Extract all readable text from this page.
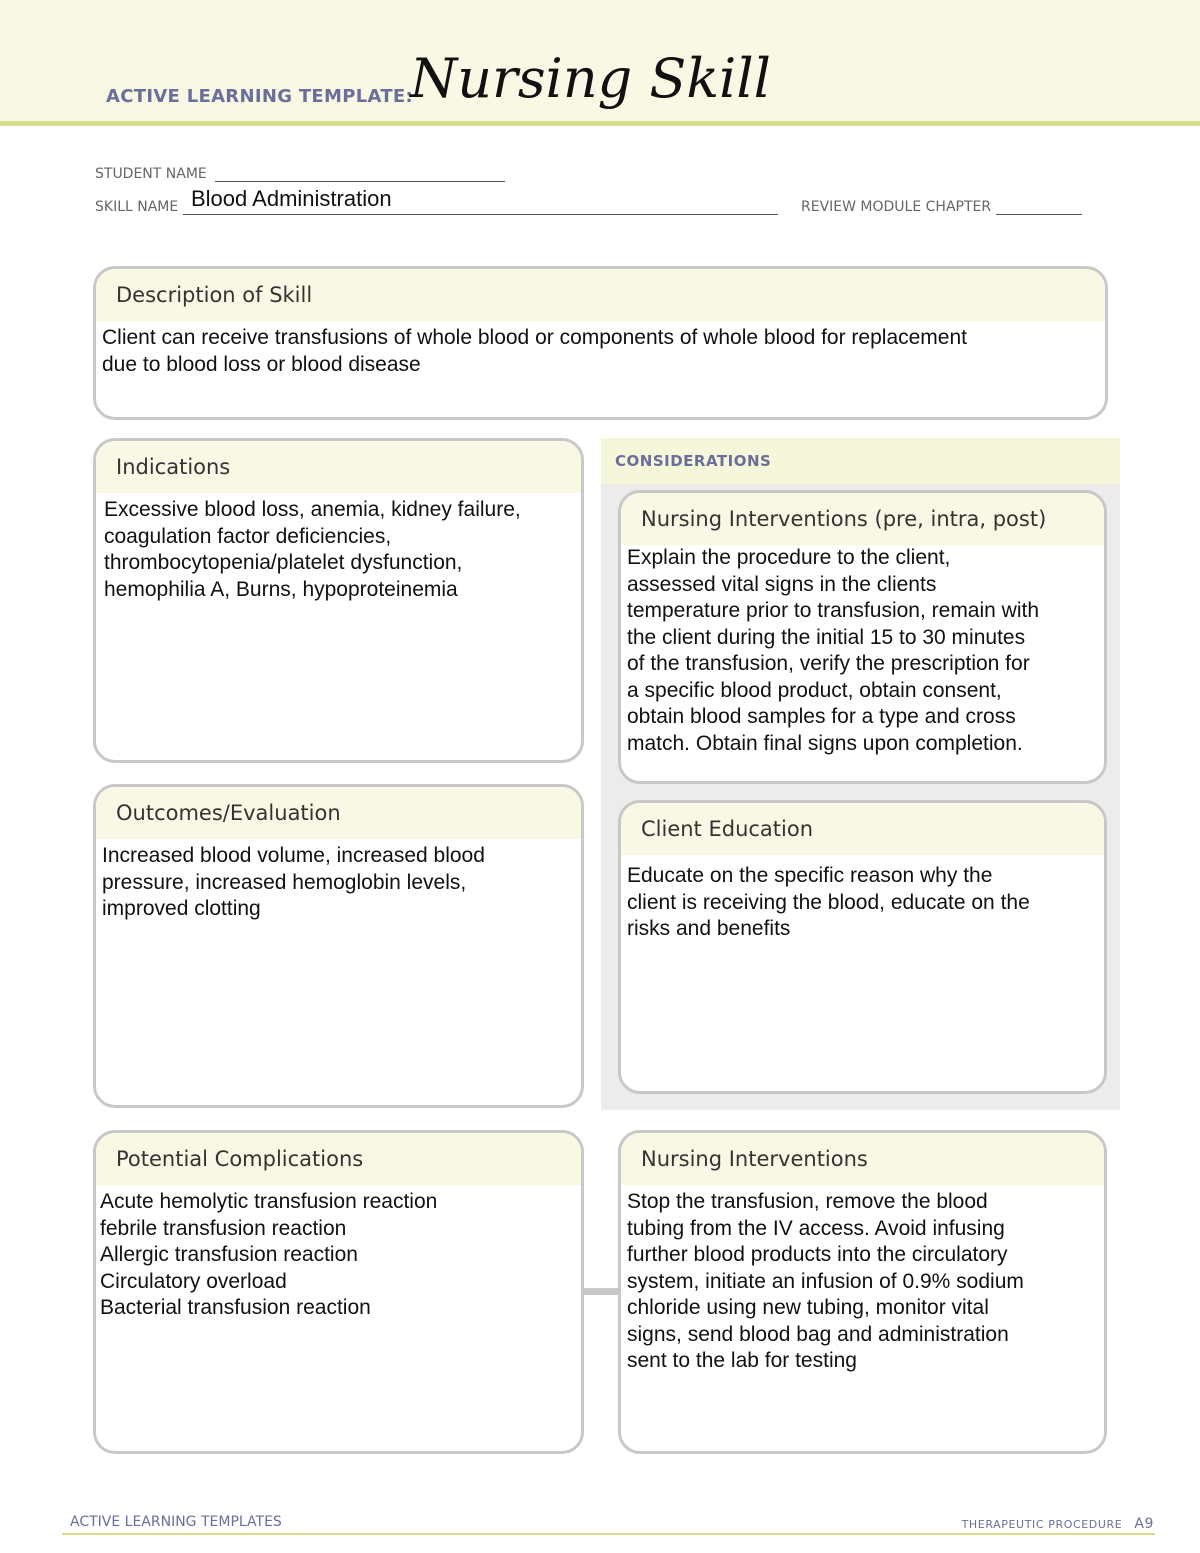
ACTIVE LEARNING TEMPLATE:
Nursing Skill
STUDENT NAME
SKILL NAME Blood Administration	REVIEW MODULE CHAPTER
Description of Skill
Client can receive transfusions of whole blood or components of whole blood for replacement
due to blood loss or blood disease
Indications
Excessive blood loss, anemia, kidney failure,
coagulation factor deficiencies,
thrombocytopenia/platelet dysfunction,
hemophilia A, Burns, hypoproteinemia
CONSIDERATIONS
Nursing Interventions (pre, intra, post)
Explain the procedure to the client,
assessed vital signs in the clients
temperature prior to transfusion, remain with
the client during the initial 15 to 30 minutes
of the transfusion, verify the prescription for
a specific blood product, obtain consent,
obtain blood samples for a type and cross
match. Obtain final signs upon completion.
Outcomes/Evaluation
Increased blood volume, increased blood
pressure, increased hemoglobin levels,
improved clotting
Client Education
Educate on the specific reason why the
client is receiving the blood, educate on the
risks and benefits
Potential Complications
Acute hemolytic transfusion reaction
febrile transfusion reaction
Allergic transfusion reaction
Circulatory overload
Bacterial transfusion reaction
Nursing Interventions
Stop the transfusion, remove the blood
tubing from the IV access. Avoid infusing
further blood products into the circulatory
system, initiate an infusion of 0.9% sodium
chloride using new tubing, monitor vital
signs, send blood bag and administration
sent to the lab for testing
ACTIVE LEARNING TEMPLATES	THERAPEUTIC PROCEDURE A9
